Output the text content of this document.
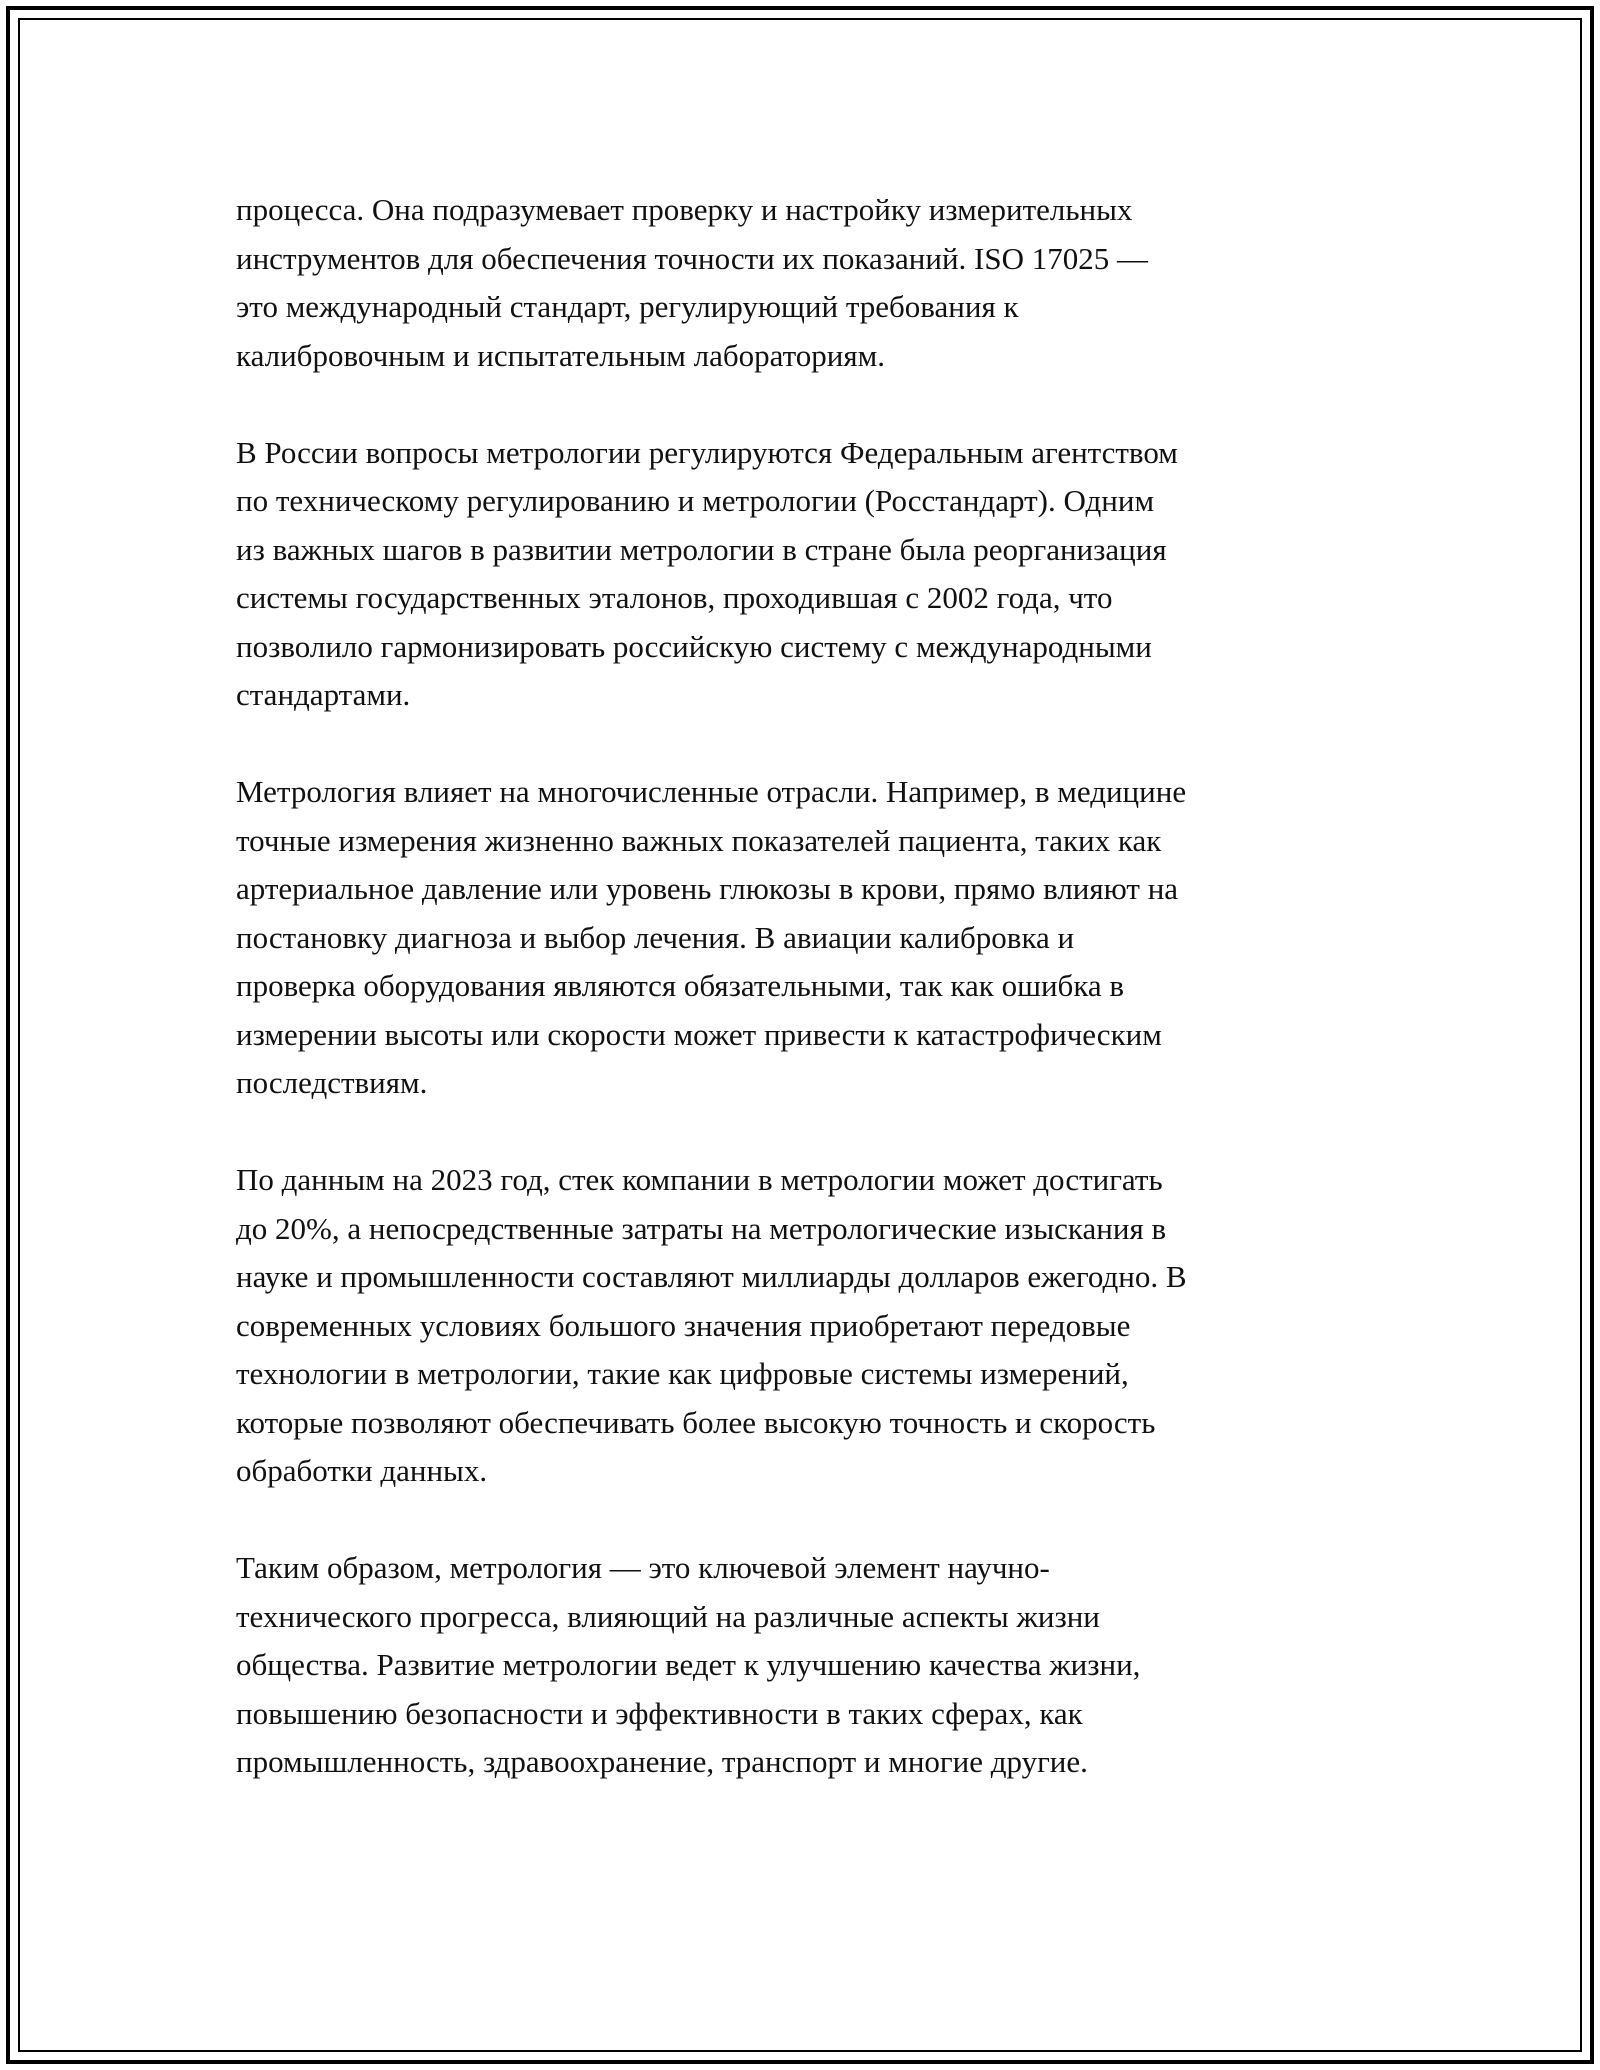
процесса. Она подразумевает проверку и настройку измерительных
инструментов для обеспечения точности их показаний. ISO 17025 —
это международный стандарт, регулирующий требования к
калибровочным и испытательным лабораториям.

В России вопросы метрологии регулируются Федеральным агентством
по техническому регулированию и метрологии (Росстандарт). Одним
из важных шагов в развитии метрологии в стране была реорганизация
системы государственных эталонов, проходившая с 2002 года, что
позволило гармонизировать российскую систему с международными
стандартами.

Метрология влияет на многочисленные отрасли. Например, в медицине
точные измерения жизненно важных показателей пациента, таких как
артериальное давление или уровень глюкозы в крови, прямо влияют на
постановку диагноза и выбор лечения. В авиации калибровка и
проверка оборудования являются обязательными, так как ошибка в
измерении высоты или скорости может привести к катастрофическим
последствиям.

По данным на 2023 год, стек компании в метрологии может достигать
до 20%, а непосредственные затраты на метрологические изыскания в
науке и промышленности составляют миллиарды долларов ежегодно. В
современных условиях большого значения приобретают передовые
технологии в метрологии, такие как цифровые системы измерений,
которые позволяют обеспечивать более высокую точность и скорость
обработки данных.

Таким образом, метрология — это ключевой элемент научно-
технического прогресса, влияющий на различные аспекты жизни
общества. Развитие метрологии ведет к улучшению качества жизни,
повышению безопасности и эффективности в таких сферах, как
промышленность, здравоохранение, транспорт и многие другие.
